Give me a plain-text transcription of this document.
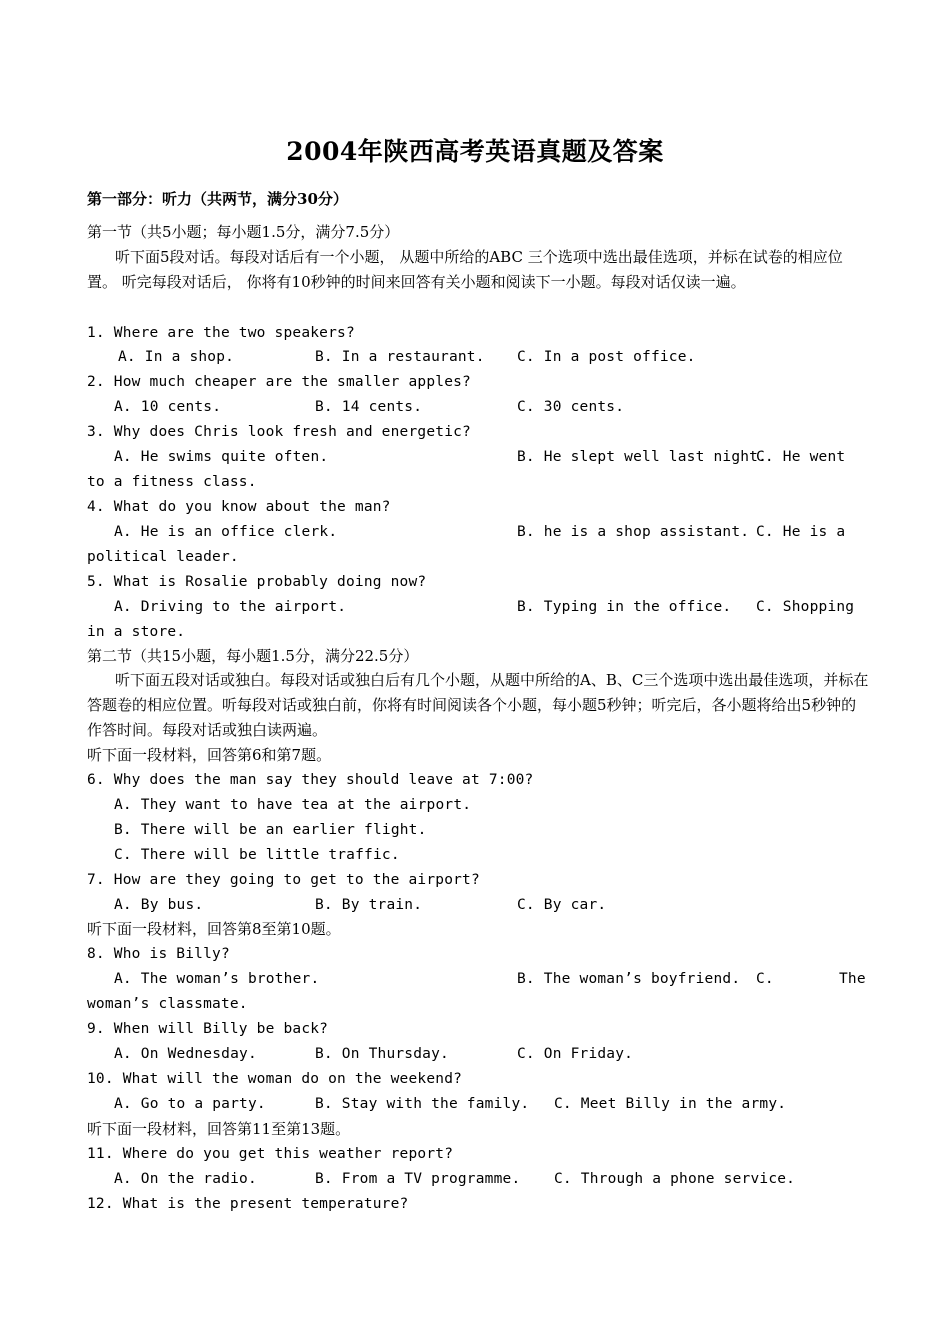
2004年陕西高考英语真题及答案
第一部分：听力（共两节，满分30分）
第一节（共5小题；每小题1.5分，满分7.5分）
听下面5段对话。每段对话后有一个小题， 从题中所给的ABC 三个选项中选出最佳选项，并标在试卷的相应位置。 听完每段对话后， 你将有10秒钟的时间来回答有关小题和阅读下一小题。每段对话仅读一遍。
1. Where are the two speakers?
A. In a shop.	B. In a restaurant. C. In a post office.
2. How much cheaper are the smaller apples?
A. 10 cents.	B. 14 cents.	C. 30 cents.
3. Why does Chris look fresh and energetic?
A. He swims quite often.	B. He slept well last night.
C. He went
to a fitness class.
4. What do you know about the man?
A. He is an office clerk.	B. he is a shop assistant. C. He is a
political leader.
5. What is Rosalie probably doing now?
A. Driving to the airport.	B. Typing in the office. C. Shopping
in a store.
第二节（共15小题，每小题1.5分，满分22.5分）
听下面五段对话或独白。每段对话或独白后有几个小题，从题中所给的A、B、C三个选项中选出最佳选项，并标在答题卷的相应位置。听每段对话或独白前，你将有时间阅读各个小题，每小题5秒钟；听完后，各小题将给出5秒钟的作答时间。每段对话或独白读两遍。
听下面一段材料，回答第6和第7题。
6. Why does the man say they should leave at 7:00?
A. They want to have tea at the airport.
B. There will be an earlier flight.
C. There will be little traffic.
7. How are they going to get to the airport?
A. By bus.	B. By train.	C. By car.
听下面一段材料，回答第8至第10题。
8. Who is Billy?
A. The woman’s brother.	B. The woman’s boyfriend. C.	The
woman’s classmate.
9. When will Billy be back?
A. On Wednesday.	B. On Thursday.	C. On Friday.
10. What will the woman do on the weekend?
A. Go to a party.	B. Stay with the family. C. Meet Billy in the army.
听下面一段材料，回答第11至第13题。
11. Where do you get this weather report?
A. On the radio.	B. From a TV programme. C. Through a phone service.
12. What is the present temperature?
